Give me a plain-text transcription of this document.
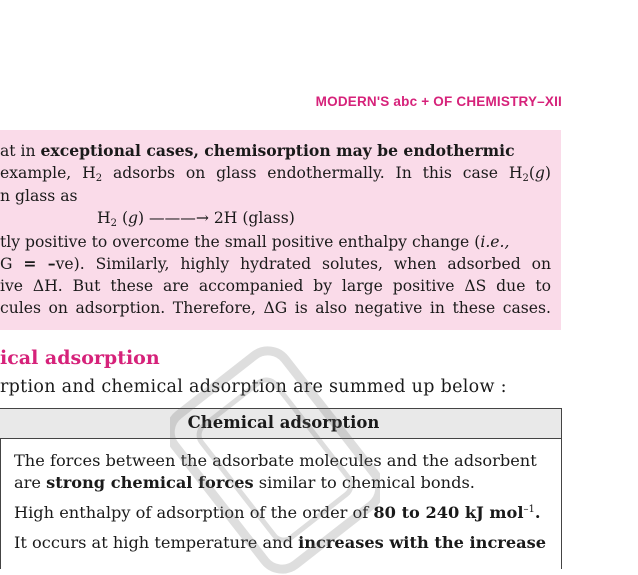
MODERN'S abc + OF CHEMISTRY–XII
at in exceptional cases, chemisorption may be endothermic
example, $H_2$ adsorbs on glass endothermally. In this case $H_2(g)$
n glass as
$H_2$ (g) ———→ 2H (glass)
tly positive to overcome the small positive enthalpy change (i.e.,
G = –ve). Similarly, highly hydrated solutes, when adsorbed on
ive ΔH. But these are accompanied by large positive ΔS due to
cules on adsorption. Therefore, ΔG is also negative in these cases.
ical adsorption
rption and chemical adsorption are summed up below :
Chemical adsorption
The forces between the adsorbate molecules and the adsorbent
are strong chemical forces similar to chemical bonds.
High enthalpy of adsorption of the order of 80 to 240 kJ mol$^{-1}$.
It occurs at high temperature and increases with the increase
